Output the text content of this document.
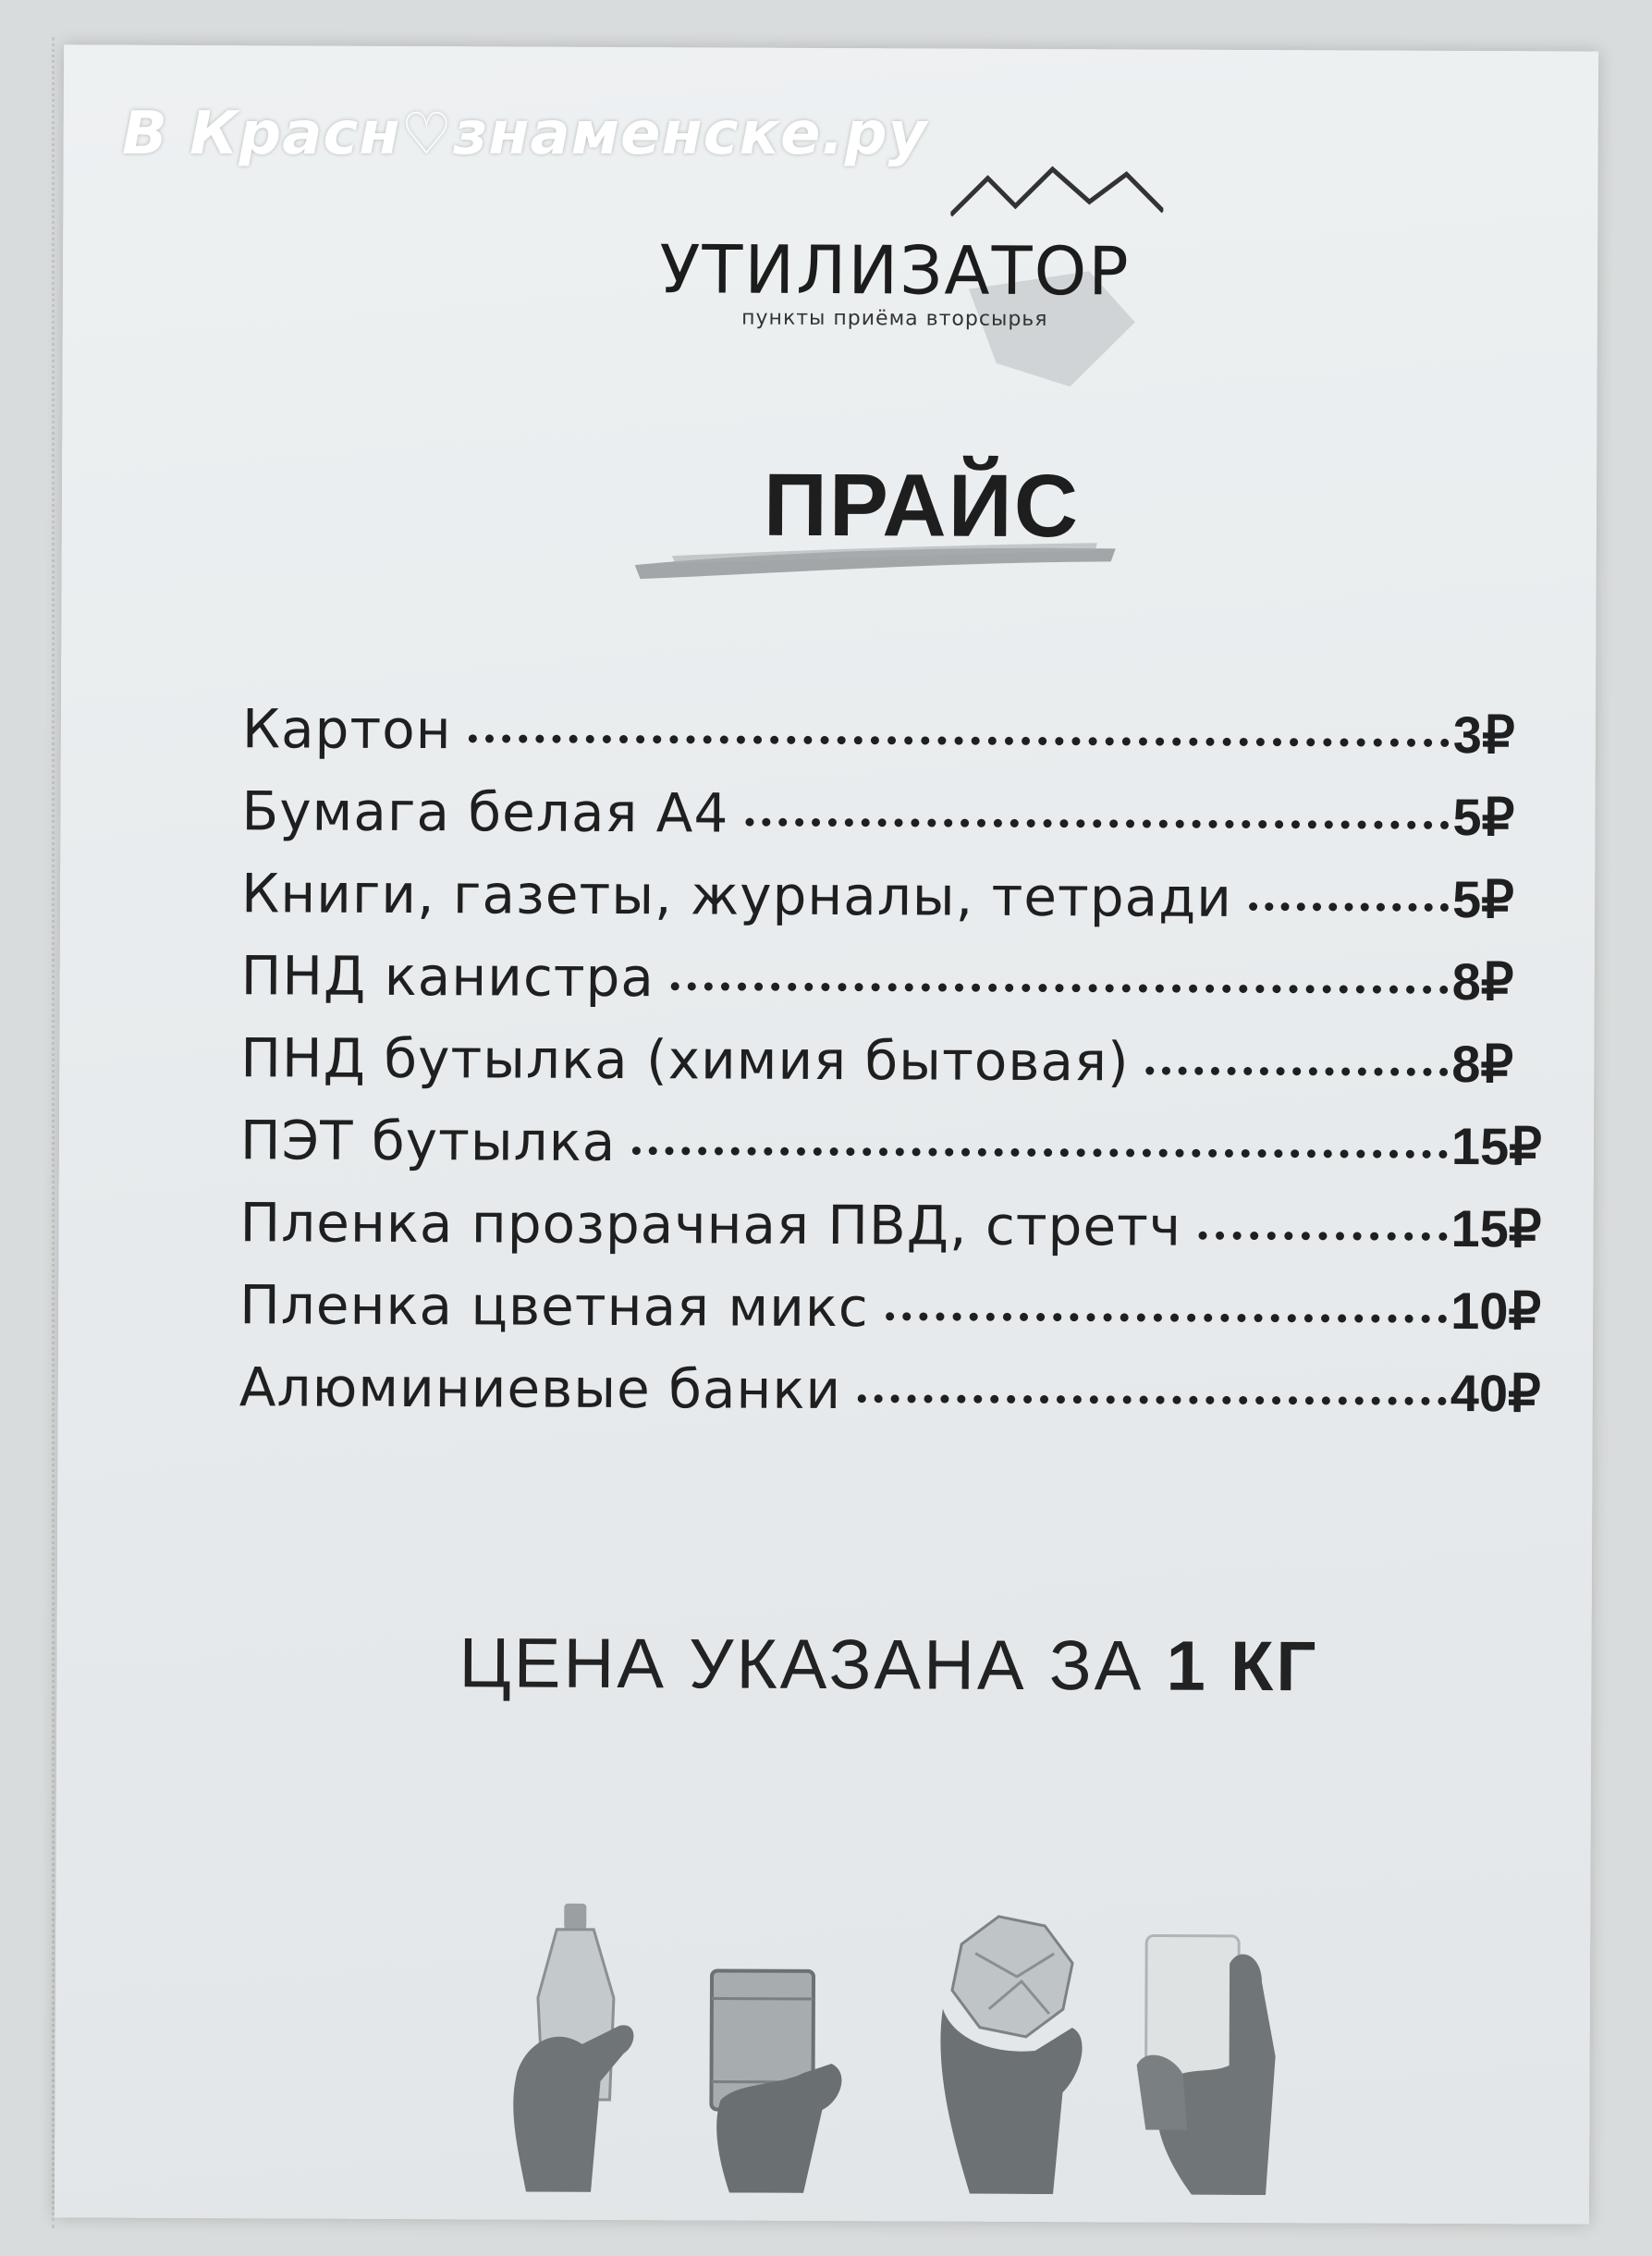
УТИЛИЗАТОР
пункты приёма вторсырья
ПРАЙС
Картон	3₽
Бумага белая А4	5₽
Книги, газеты, журналы, тетради	5₽
ПНД канистра	8₽
ПНД бутылка (химия бытовая)	8₽
ПЭТ бутылка	15₽
Пленка прозрачная ПВД, стретч	15₽
Пленка цветная микс	10₽
Алюминиевые банки	40₽
ЦЕНА УКАЗАНА ЗА 1 КГ
В Красн♡знаменске.ру
